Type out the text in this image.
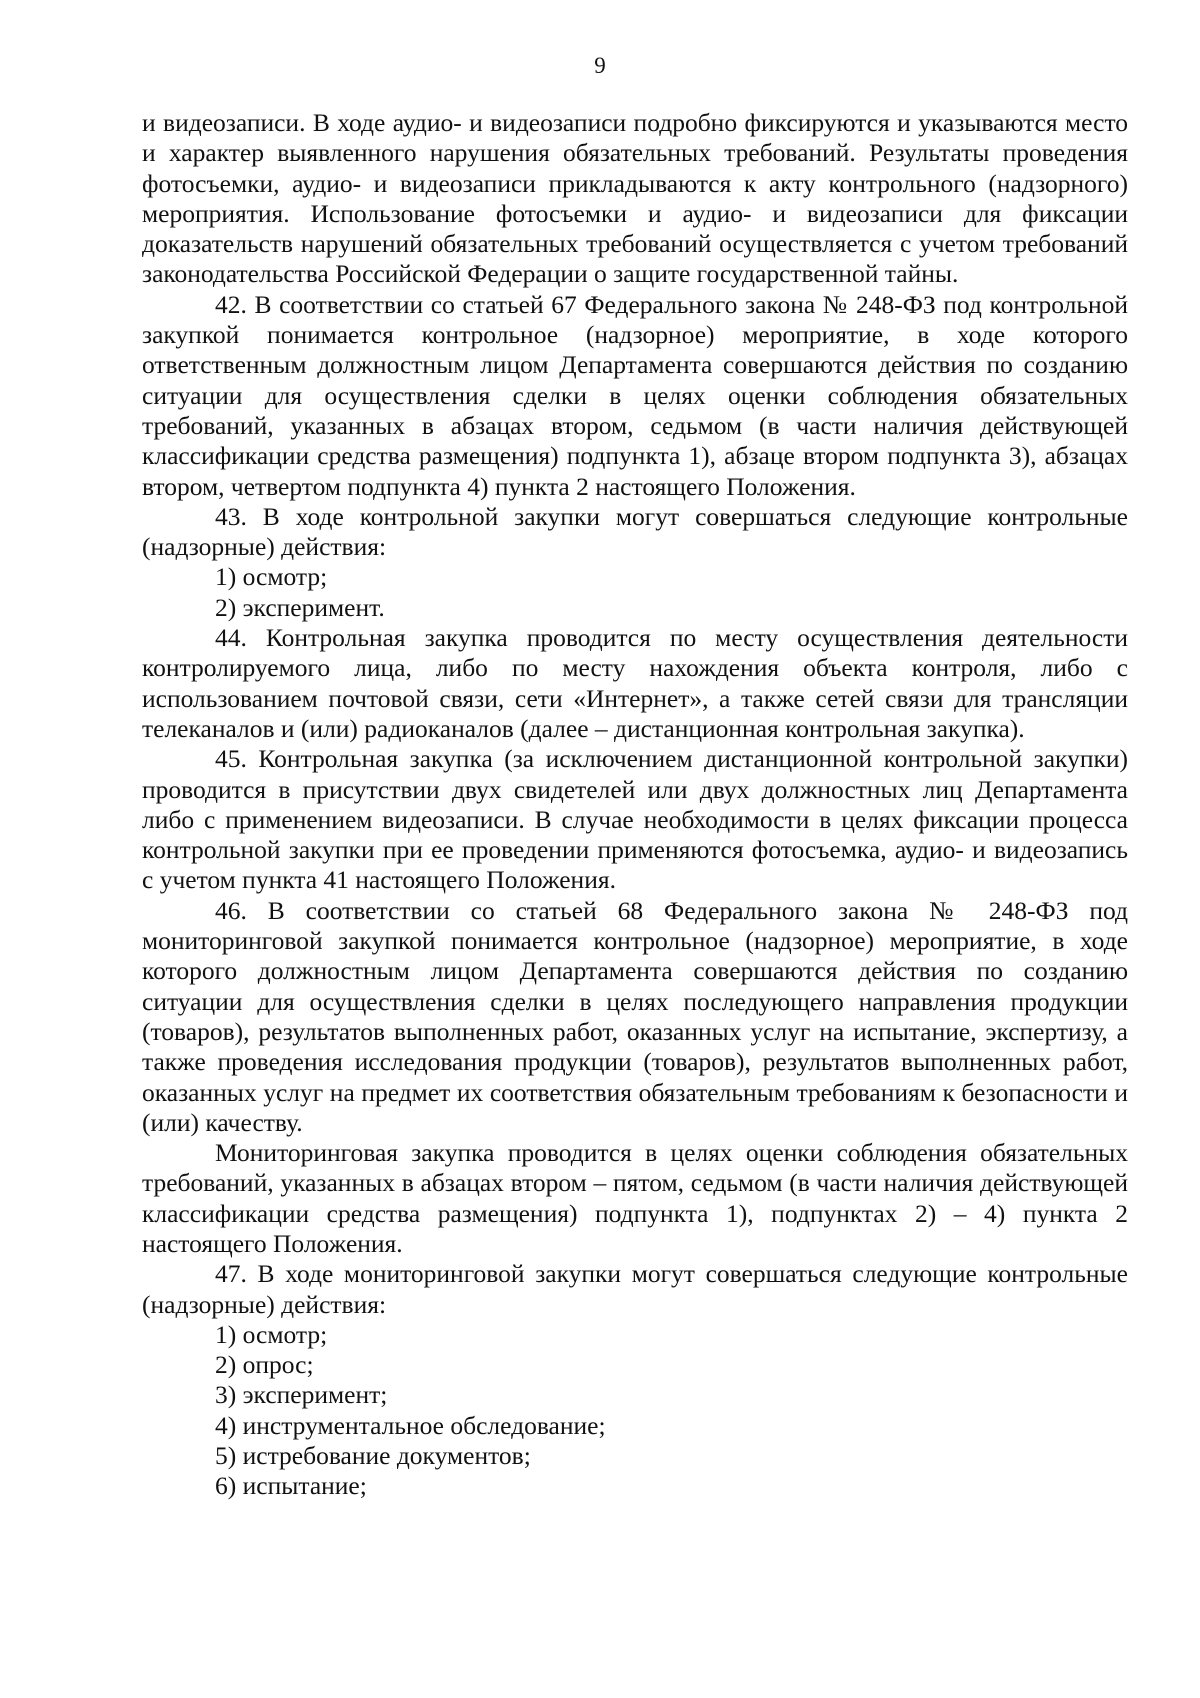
9

и видеозаписи. В ходе аудио- и видеозаписи подробно фиксируются и указываются место и характер выявленного нарушения обязательных требований. Результаты проведения фотосъемки, аудио- и видеозаписи прикладываются к акту контрольного (надзорного) мероприятия. Использование фотосъемки и аудио- и видеозаписи для фиксации доказательств нарушений обязательных требований осуществляется с учетом требований законодательства Российской Федерации о защите государственной тайны.

42. В соответствии со статьей 67 Федерального закона № 248-ФЗ под контрольной закупкой понимается контрольное (надзорное) мероприятие, в ходе которого ответственным должностным лицом Департамента совершаются действия по созданию ситуации для осуществления сделки в целях оценки соблюдения обязательных требований, указанных в абзацах втором, седьмом (в части наличия действующей классификации средства размещения) подпункта 1), абзаце втором подпункта 3), абзацах втором, четвертом подпункта 4) пункта 2 настоящего Положения.

43. В ходе контрольной закупки могут совершаться следующие контрольные (надзорные) действия:

1) осмотр;

2) эксперимент.

44. Контрольная закупка проводится по месту осуществления деятельности контролируемого лица, либо по месту нахождения объекта контроля, либо с использованием почтовой связи, сети «Интернет», а также сетей связи для трансляции телеканалов и (или) радиоканалов (далее – дистанционная контрольная закупка).

45. Контрольная закупка (за исключением дистанционной контрольной закупки) проводится в присутствии двух свидетелей или двух должностных лиц Департамента либо с применением видеозаписи. В случае необходимости в целях фиксации процесса контрольной закупки при ее проведении применяются фотосъемка, аудио- и видеозапись с учетом пункта 41 настоящего Положения.

46. В соответствии со статьей 68 Федерального закона № 248-ФЗ под мониторинговой закупкой понимается контрольное (надзорное) мероприятие, в ходе которого должностным лицом Департамента совершаются действия по созданию ситуации для осуществления сделки в целях последующего направления продукции (товаров), результатов выполненных работ, оказанных услуг на испытание, экспертизу, а также проведения исследования продукции (товаров), результатов выполненных работ, оказанных услуг на предмет их соответствия обязательным требованиям к безопасности и (или) качеству.

Мониторинговая закупка проводится в целях оценки соблюдения обязательных требований, указанных в абзацах втором – пятом, седьмом (в части наличия действующей классификации средства размещения) подпункта 1), подпунктах 2) – 4) пункта 2 настоящего Положения.

47. В ходе мониторинговой закупки могут совершаться следующие контрольные (надзорные) действия:

1) осмотр;

2) опрос;

3) эксперимент;

4) инструментальное обследование;

5) истребование документов;

6) испытание;
